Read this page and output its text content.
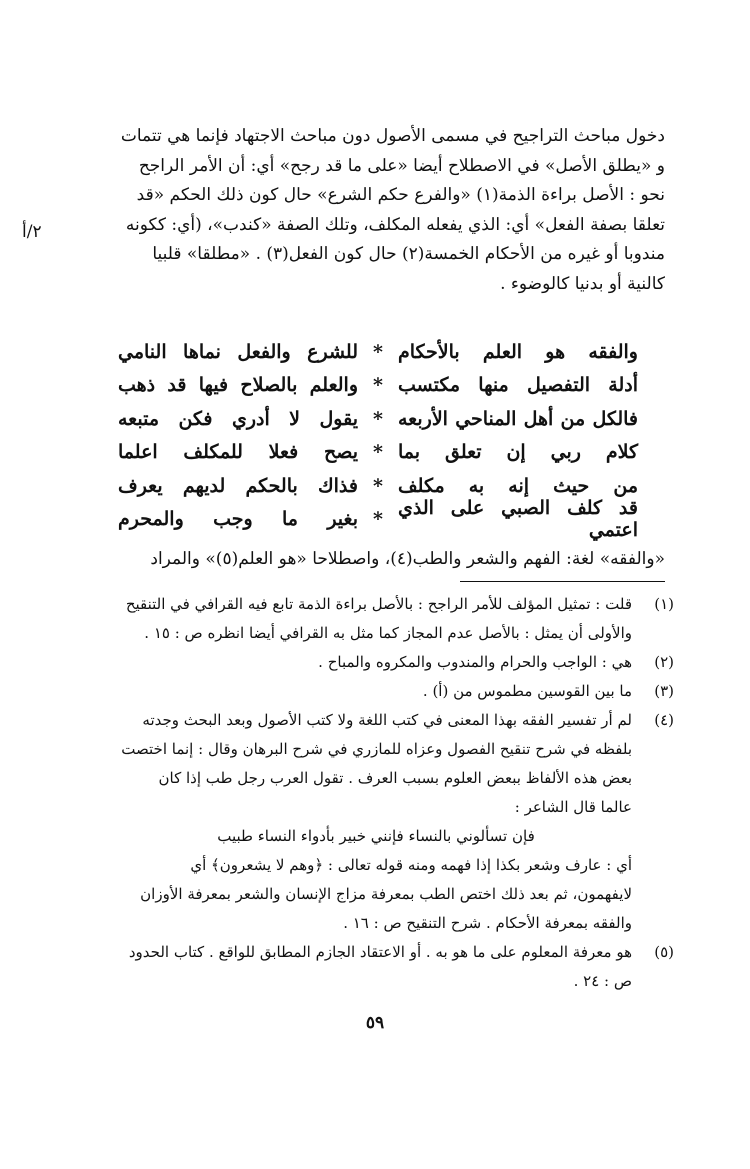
٢/أ

دخول مباحث التراجيح في مسمى الأصول دون مباحث الاجتهاد فإنما هي تتمات

و «يطلق الأصل» في الاصطلاح أيضا «على ما قد رجح» أي: أن الأمر الراجح

نحو : الأصل براءة الذمة(١) «والفرع حكم الشرع» حال كون ذلك الحكم «قد

تعلقا بصفة الفعل» أي: الذي يفعله المكلف، وتلك الصفة «كندب»، (أي: ككونه

مندوبا أو غيره من الأحكام الخمسة(٢) حال كون الفعل(٣) . «مطلقا» قلبيا

كالنية أو بدنيا كالوضوء .

والفقه هو العلم بالأحكام
*
للشرع والفعل نماها النامي
أدلة التفصيل منها مكتسب
*
والعلم بالصلاح فيها قد ذهب
فالكل من أهل المناحي الأربعه
*
يقول لا أدري فكن متبعه
كلام ربي إن تعلق بما
*
يصح فعلا للمكلف اعلما
من حيث إنه به مكلف
*
فذاك بالحكم لديهم يعرف
قد كلف الصبي على الذي اعتمي
*
بغير ما وجب والمحرم
«والفقه» لغة: الفهم والشعر والطب(٤)، واصطلاحا «هو العلم(٥)» والمراد
(١)

قلت : تمثيل المؤلف للأمر الراجح : بالأصل براءة الذمة تابع فيه القرافي في التنقيح

والأولى أن يمثل : بالأصل عدم المجاز كما مثل به القرافي أيضا انظره ص : ١٥ .

(٢)

هي : الواجب والحرام والمندوب والمكروه والمباح .

(٣)

ما بين القوسين مطموس من (أ) .

(٤)

لم أر تفسير الفقه بهذا المعنى في كتب اللغة ولا كتب الأصول وبعد البحث وجدته

بلفظه في شرح تنقيح الفصول وعزاه للمازري في شرح البرهان وقال : إنما اختصت

بعض هذه الألفاظ ببعض العلوم بسبب العرف . تقول العرب رجل طب إذا كان

عالما قال الشاعر :

فإن تسألوني بالنساء فإنني خبير بأدواء النساء طبيب

أي : عارف وشعر بكذا إذا فهمه ومنه قوله تعالى : ﴿وهم لا يشعرون﴾ أي

لايفهمون، ثم بعد ذلك اختص الطب بمعرفة مزاج الإنسان والشعر بمعرفة الأوزان

والفقه بمعرفة الأحكام . شرح التنقيح ص : ١٦ .

(٥)

هو معرفة المعلوم على ما هو به . أو الاعتقاد الجازم المطابق للواقع . كتاب الحدود

ص : ٢٤ .

٥٩
